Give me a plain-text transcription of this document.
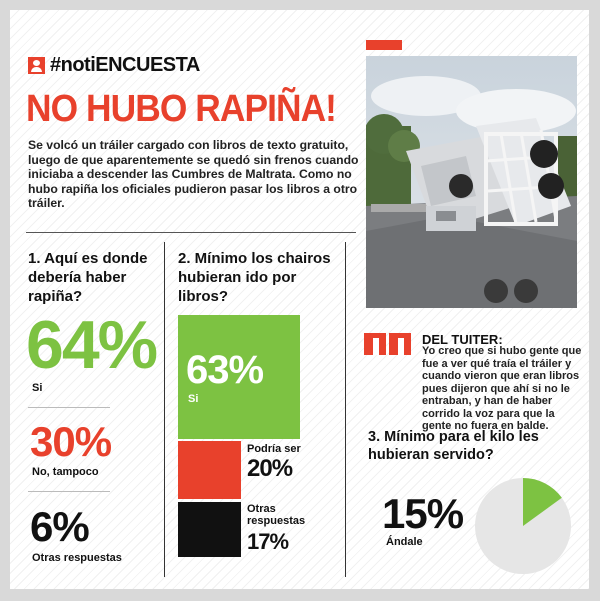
#notiENCUESTA
NO HUBO RAPIÑA!
Se volcó un tráiler cargado con libros de texto gratuito, luego de que aparentemente se quedó sin frenos cuando iniciaba a descender las Cumbres de Maltrata. Como no hubo rapiña los oficiales pudieron pasar los libros a otro tráiler.
1. Aquí es donde debería haber rapiña?
64%
Si
30%
No, tampoco
6%
Otras respuestas
2. Mínimo los chairos hubieran ido por libros?
63%
Si
Podría ser
20%
Otras respuestas
17%
DEL TUITER:
Yo creo que si hubo gente que fue a ver qué traía el tráiler y cuando vieron que eran libros pues dijeron que ahí si no le entraban, y han de haber corrido la voz para que la gente no fuera en balde.
3. Mínimo para el kilo les hubieran servido?
15%
Ándale
